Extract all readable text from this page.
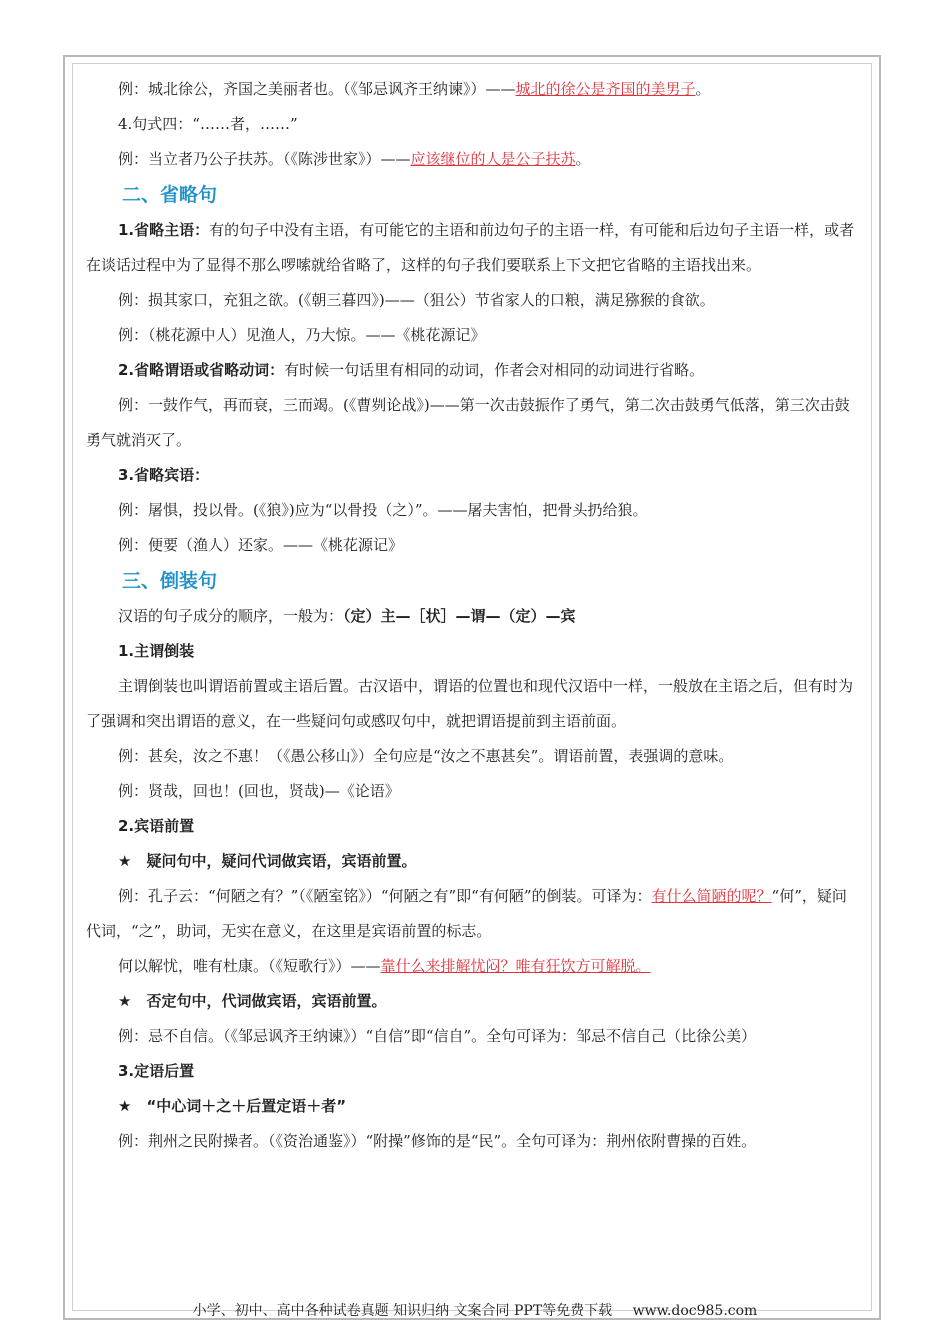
例：城北徐公，齐国之美丽者也。（《邹忌讽齐王纳谏》）——城北的徐公是齐国的美男子。

4.句式四：“……者，……”

例：当立者乃公子扶苏。（《陈涉世家》）——应该继位的人是公子扶苏。

二、省略句

1.省略主语：有的句子中没有主语，有可能它的主语和前边句子的主语一样，有可能和后边句子主语一样，或者在谈话过程中为了显得不那么啰嗦就给省略了，这样的句子我们要联系上下文把它省略的主语找出来。

例：损其家口，充狙之欲。(《朝三暮四》)——（狙公）节省家人的口粮，满足猕猴的食欲。

例：（桃花源中人）见渔人，乃大惊。——《桃花源记》

2.省略谓语或省略动词：有时候一句话里有相同的动词，作者会对相同的动词进行省略。

例：一鼓作气，再而衰，三而竭。(《曹刿论战》)——第一次击鼓振作了勇气，第二次击鼓勇气低落，第三次击鼓勇气就消灭了。

3.省略宾语：

例：屠惧，投以骨。(《狼》)应为“以骨投（之）”。——屠夫害怕，把骨头扔给狼。

例：便要（渔人）还家。——《桃花源记》

三、倒装句

汉语的句子成分的顺序，一般为：（定）主—［状］—谓—（定）—宾

1.主谓倒装

主谓倒装也叫谓语前置或主语后置。古汉语中，谓语的位置也和现代汉语中一样，一般放在主语之后，但有时为了强调和突出谓语的意义，在一些疑问句或感叹句中，就把谓语提前到主语前面。

例：甚矣，汝之不惠！（《愚公移山》）全句应是“汝之不惠甚矣”。谓语前置，表强调的意味。

例：贤哉，回也！(回也，贤哉)—《论语》

2.宾语前置

★　疑问句中，疑问代词做宾语，宾语前置。

例：孔子云：“何陋之有？”（《陋室铭》）“何陋之有”即“有何陋”的倒装。可译为：有什么简陋的呢？“何”，疑问代词，“之”，助词，无实在意义，在这里是宾语前置的标志。

何以解忧，唯有杜康。（《短歌行》）——靠什么来排解忧闷？唯有狂饮方可解脱。

★　否定句中，代词做宾语，宾语前置。

例：忌不自信。（《邹忌讽齐王纳谏》）“自信”即“信自”。全句可译为：邹忌不信自己（比徐公美）

3.定语后置

★　“中心词＋之＋后置定语＋者”

例：荆州之民附操者。（《资治通鉴》）“附操”修饰的是“民”。全句可译为：荆州依附曹操的百姓。

小学、初中、高中各种试卷真题 知识归纳 文案合同 PPT等免费下载 www.doc985.com
